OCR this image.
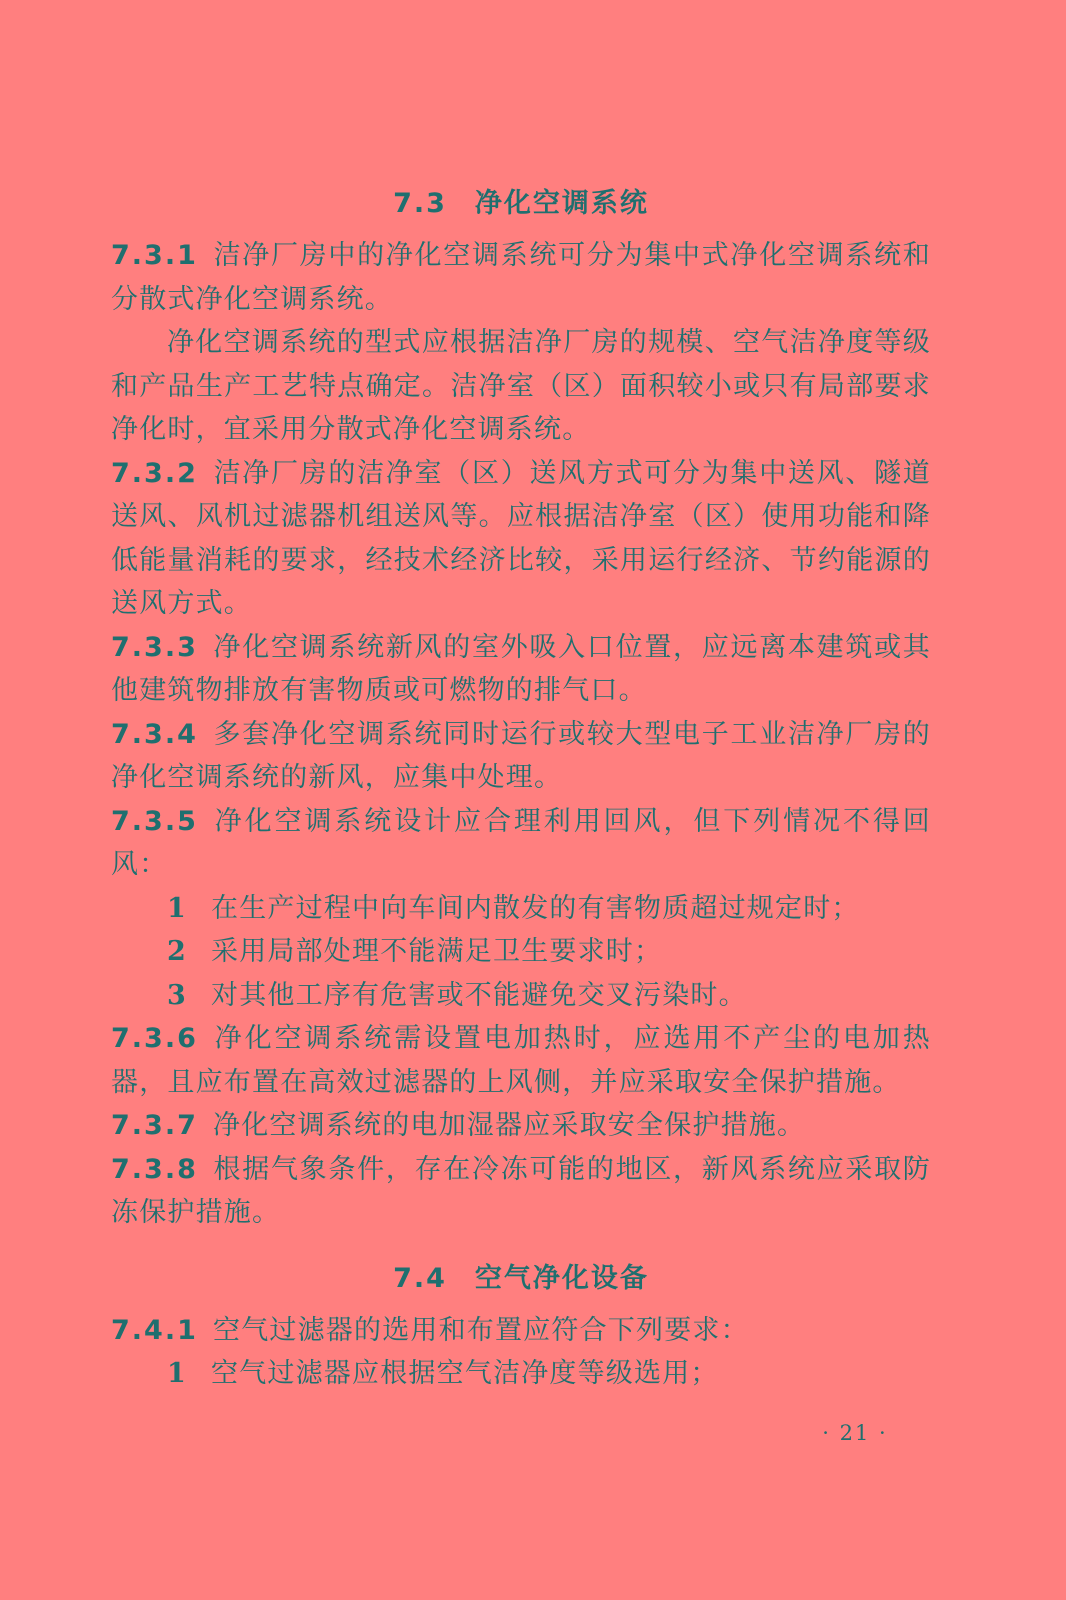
7.3 净化空调系统

7.3.1 洁净厂房中的净化空调系统可分为集中式净化空调系统和分散式净化空调系统。

净化空调系统的型式应根据洁净厂房的规模、空气洁净度等级和产品生产工艺特点确定。洁净室（区）面积较小或只有局部要求净化时，宜采用分散式净化空调系统。

7.3.2 洁净厂房的洁净室（区）送风方式可分为集中送风、隧道送风、风机过滤器机组送风等。应根据洁净室（区）使用功能和降低能量消耗的要求，经技术经济比较，采用运行经济、节约能源的送风方式。

7.3.3 净化空调系统新风的室外吸入口位置，应远离本建筑或其他建筑物排放有害物质或可燃物的排气口。

7.3.4 多套净化空调系统同时运行或较大型电子工业洁净厂房的净化空调系统的新风，应集中处理。

7.3.5 净化空调系统设计应合理利用回风，但下列情况不得回风：

1 在生产过程中向车间内散发的有害物质超过规定时；

2 采用局部处理不能满足卫生要求时；

3 对其他工序有危害或不能避免交叉污染时。

7.3.6 净化空调系统需设置电加热时，应选用不产尘的电加热器，且应布置在高效过滤器的上风侧，并应采取安全保护措施。

7.3.7 净化空调系统的电加湿器应采取安全保护措施。

7.3.8 根据气象条件，存在冷冻可能的地区，新风系统应采取防冻保护措施。

7.4 空气净化设备

7.4.1 空气过滤器的选用和布置应符合下列要求：

1 空气过滤器应根据空气洁净度等级选用；

· 21 ·
